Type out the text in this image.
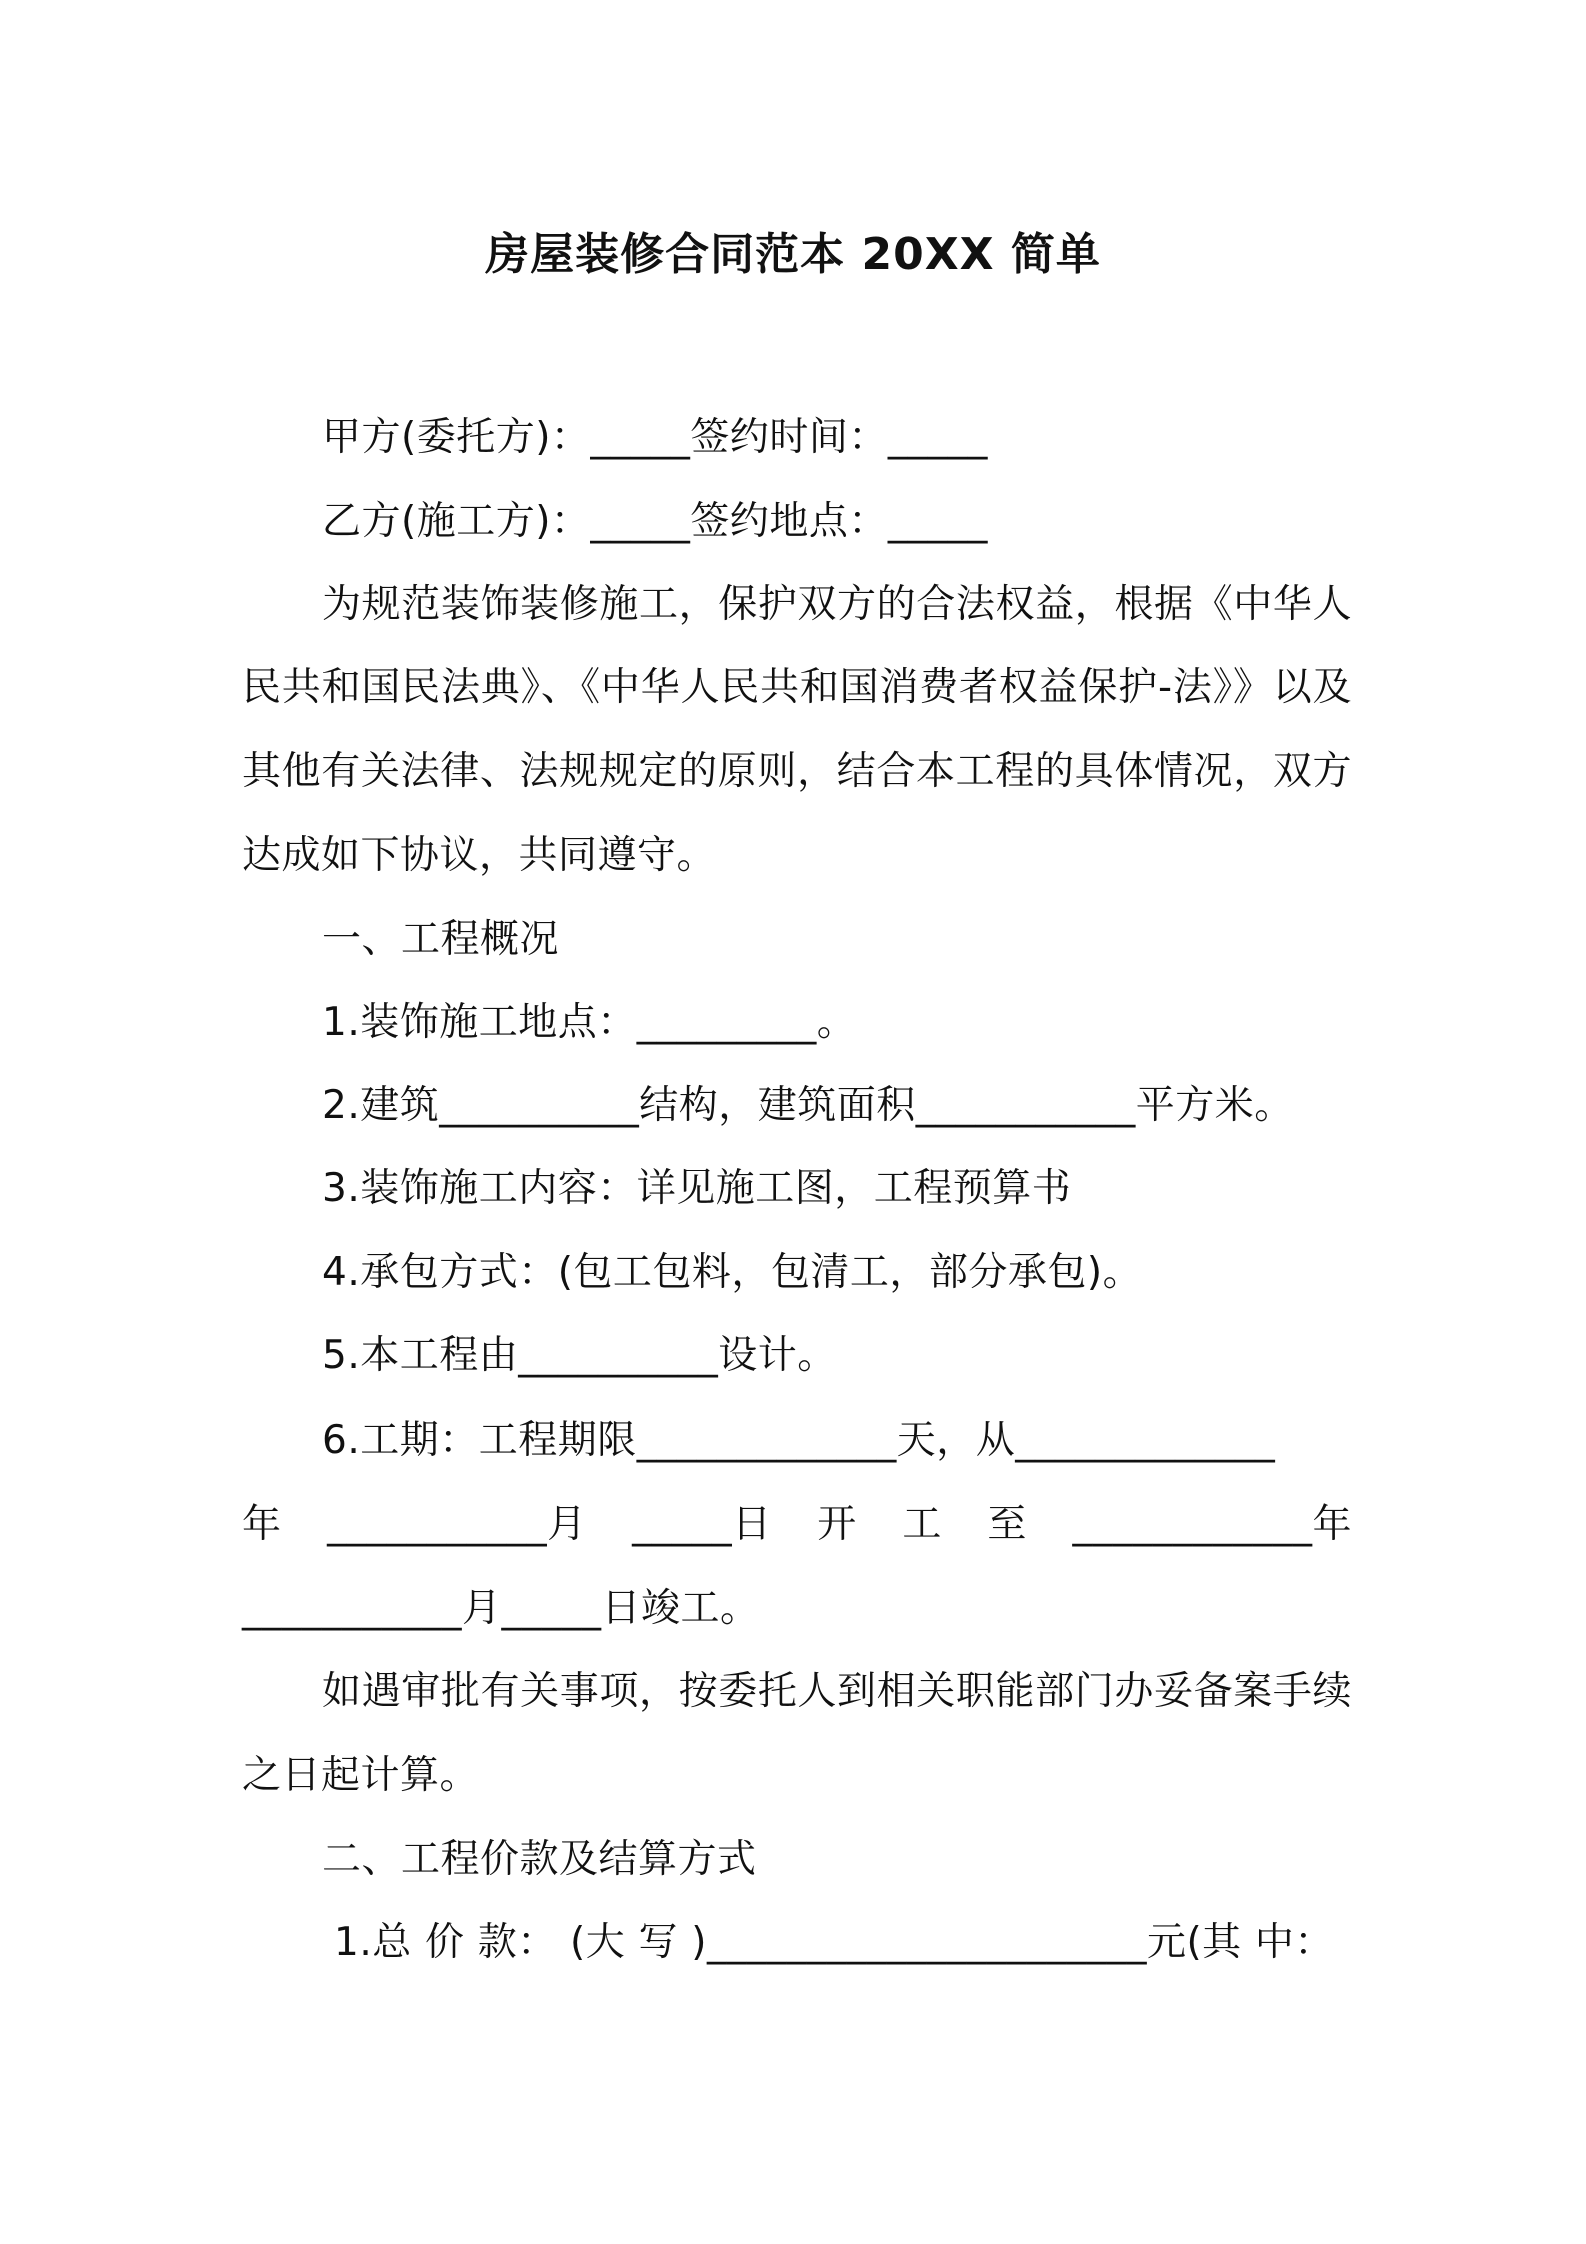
房屋装修合同范本 20XX 简单
甲方(委托方)：_____签约时间：_____
乙方(施工方)：_____签约地点：_____
为规范装饰装修施工，保护双方的合法权益，根据《中华人
民共和国民法典》、《中华人民共和国消费者权益保护-法》》以及
其他有关法律、法规规定的原则，结合本工程的具体情况，双方
达成如下协议，共同遵守。
一、工程概况
1.装饰施工地点：_________。
2.建筑__________结构，建筑面积___________平方米。
3.装饰施工内容：详见施工图，工程预算书
4.承包方式：(包工包料，包清工，部分承包)。
5.本工程由__________设计。
6.工期：工程期限_____________天，从_____________
年 ___________月 _____日 开 工 至 ____________年
___________月_____日竣工。
如遇审批有关事项，按委托人到相关职能部门办妥备案手续
之日起计算。
二、工程价款及结算方式
1.总 价 款： (大 写 )______________________元(其 中：
